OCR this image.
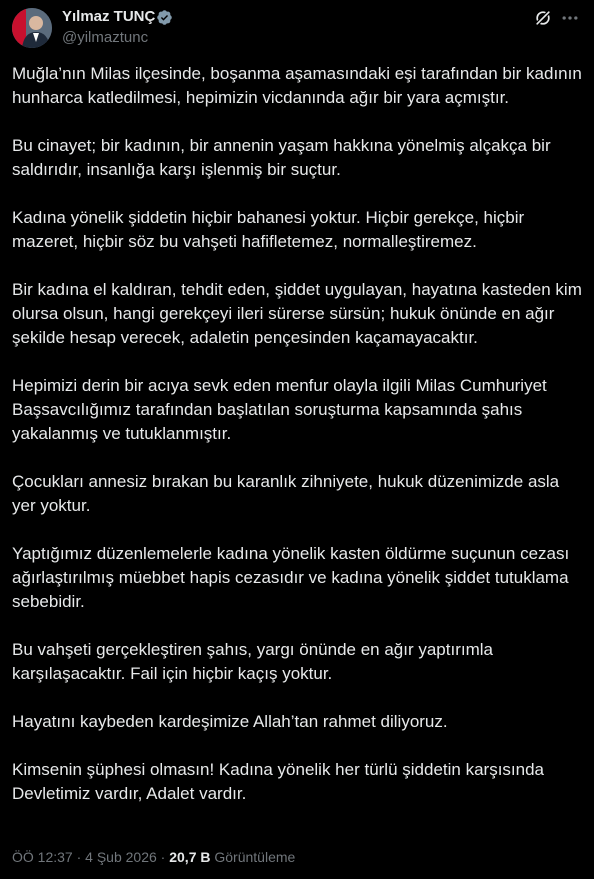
Yılmaz TUNÇ
@yilmaztunc

Muğla’nın Milas ilçesinde, boşanma aşamasındaki eşi tarafından bir kadının hunharca katledilmesi, hepimizin vicdanında ağır bir yara açmıştır.

Bu cinayet; bir kadının, bir annenin yaşam hakkına yönelmiş alçakça bir saldırıdır, insanlığa karşı işlenmiş bir suçtur.

Kadına yönelik şiddetin hiçbir bahanesi yoktur. Hiçbir gerekçe, hiçbir mazeret, hiçbir söz bu vahşeti hafifletemez, normalleştiremez.

Bir kadına el kaldıran, tehdit eden, şiddet uygulayan, hayatına kasteden kim olursa olsun, hangi gerekçeyi ileri sürerse sürsün; hukuk önünde en ağır şekilde hesap verecek, adaletin pençesinden kaçamayacaktır.

Hepimizi derin bir acıya sevk eden menfur olayla ilgili Milas Cumhuriyet Başsavcılığımız tarafından başlatılan soruşturma kapsamında şahıs yakalanmış ve tutuklanmıştır.

Çocukları annesiz bırakan bu karanlık zihniyete, hukuk düzenimizde asla yer yoktur.

Yaptığımız düzenlemelerle kadına yönelik kasten öldürme suçunun cezası ağırlaştırılmış müebbet hapis cezasıdır ve kadına yönelik şiddet tutuklama sebebidir.

Bu vahşeti gerçekleştiren şahıs, yargı önünde en ağır yaptırımla karşılaşacaktır. Fail için hiçbir kaçış yoktur.

Hayatını kaybeden kardeşimize Allah’tan rahmet diliyoruz.

Kimsenin şüphesi olmasın! Kadına yönelik her türlü şiddetin karşısında Devletimiz vardır, Adalet vardır.

ÖÖ 12:37 · 4 Şub 2026 · 20,7 B Görüntüleme
